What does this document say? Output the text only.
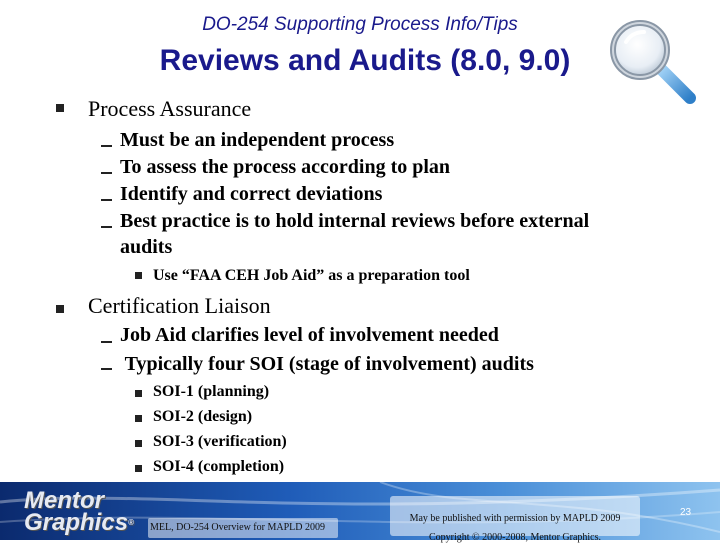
DO-254 Supporting Process Info/Tips
Reviews and Audits (8.0, 9.0)
Process Assurance
Must be an independent process
To assess the process according to plan
Identify and correct deviations
Best practice is to hold internal reviews before external
audits
Use “FAA CEH Job Aid” as a preparation tool
Certification Liaison
Job Aid clarifies level of involvement needed
Typically four SOI (stage of involvement) audits
SOI-1 (planning)
SOI-2 (design)
SOI-3 (verification)
SOI-4 (completion)
Mentor
Graphics®	MEL, DO-254 Overview for MAPLD 2009
May be published with permission by MAPLD 2009
Copyright © 2000-2008, Mentor Graphics.
23
